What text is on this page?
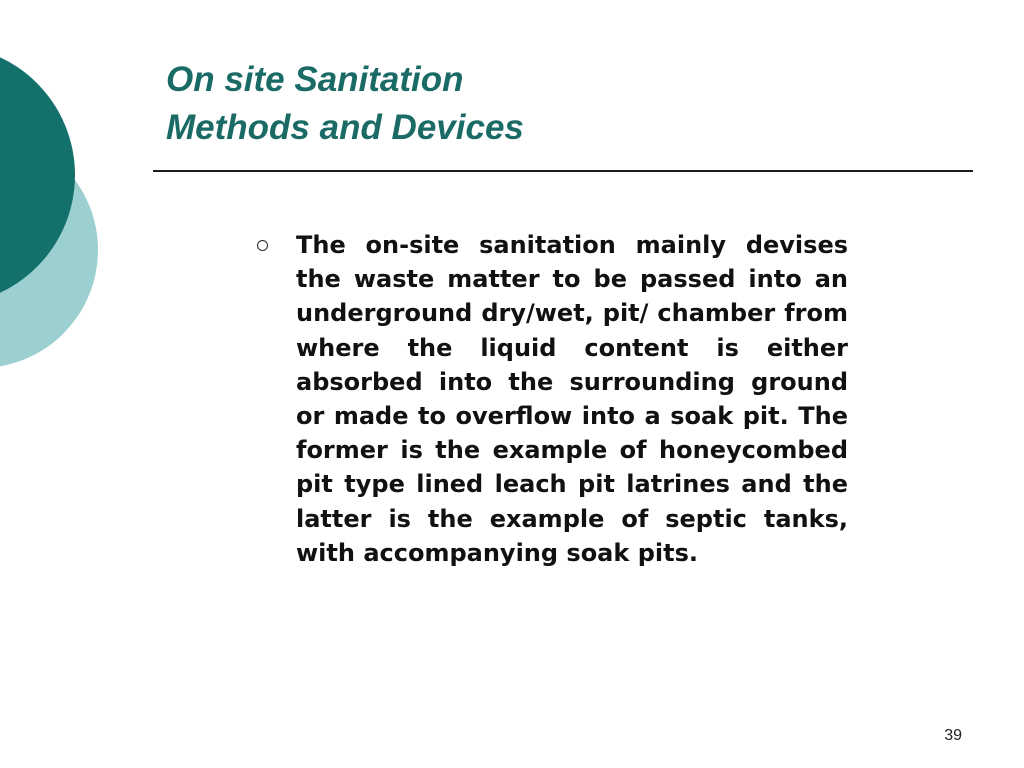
On site Sanitation
Methods and Devices
The on-site sanitation mainly devises the waste matter to be passed into an underground dry/wet, pit/ chamber from where the liquid content is either absorbed into the surrounding ground or made to overflow into a soak pit. The former is the example of honeycombed pit type lined leach pit latrines and the latter is the example of septic tanks, with accompanying soak pits.
39
